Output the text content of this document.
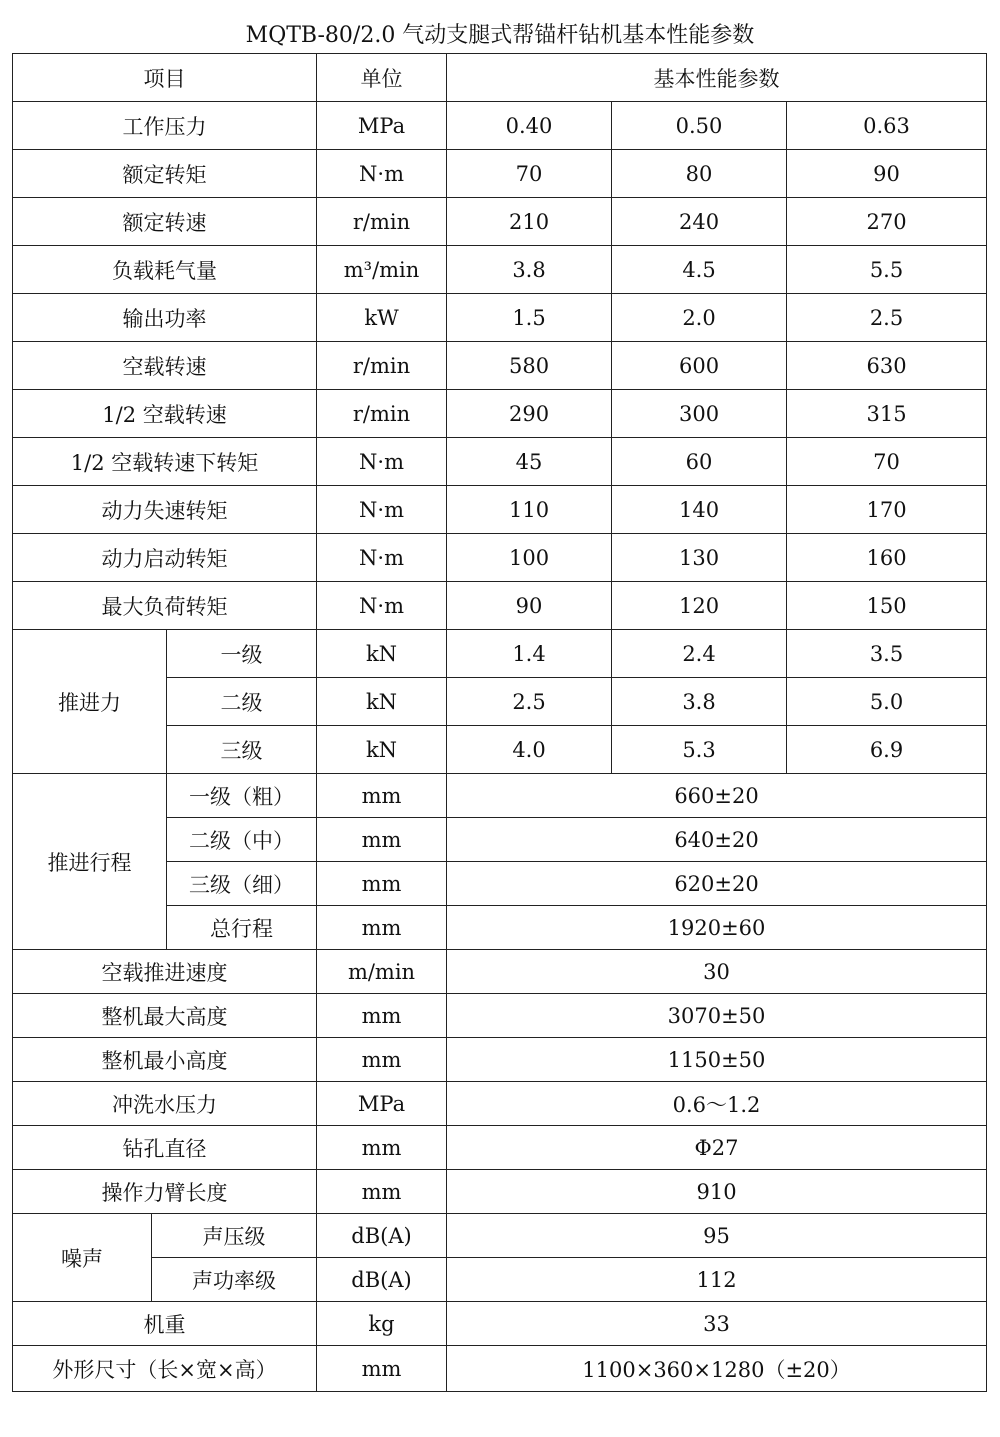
MQTB-80/2.0 气动支腿式帮锚杆钻机基本性能参数
项目			单位	基本性能参数		
工作压力			MPa	0.40	0.50	0.63
额定转矩			N·m	70	80	90
额定转速			r/min	210	240	270
负载耗气量			m³/min	3.8	4.5	5.5
输出功率			kW	1.5	2.0	2.5
空载转速			r/min	580	600	630
1/2 空载转速			r/min	290	300	315
1/2 空载转速下转矩			N·m	45	60	70
动力失速转矩			N·m	110	140	170
动力启动转矩			N·m	100	130	160
最大负荷转矩			N·m	90	120	150
推进力		一级	kN	1.4	2.4	3.5
		二级	kN	2.5	3.8	5.0
		三级	kN	4.0	5.3	6.9
推进行程		一级（粗）	mm	660±20		
		二级（中）	mm	640±20		
		三级（细）	mm	620±20		
		总行程	mm	1920±60		
空载推进速度			m/min	30		
整机最大高度			mm	3070±50		
整机最小高度			mm	1150±50		
冲洗水压力			MPa	0.6～1.2		
钻孔直径			mm	Φ27		
操作力臂长度			mm	910		
噪声	声压级		dB(A)	95		
	声功率级		dB(A)	112		
机重			kg	33		
外形尺寸（长×宽×高）			mm	1100×360×1280（±20）		
